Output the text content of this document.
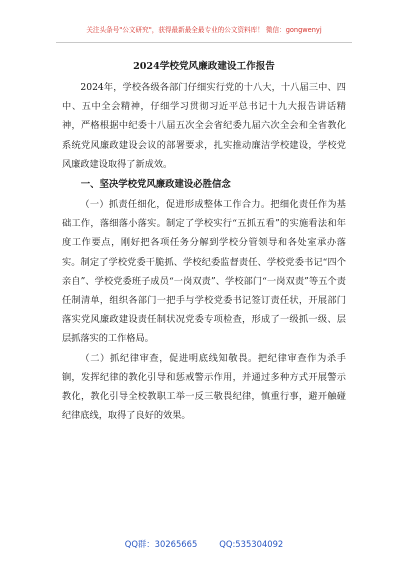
关注头条号"公文研究"，获得最新最全最专业的公文资料库！ 微信：gongwenyj
2024学校党风廉政建设工作报告

2024年，学校各级各部门仔细实行党的十八大，十八届三中、四中、五中全会精神，仔细学习贯彻习近平总书记十九大报告讲话精神，严格根据中纪委十八届五次全会省纪委九届六次全会和全省教化系统党风廉政建设会议的部署要求，扎实推动廉洁学校建设，学校党风廉政建设取得了新成效。

一、坚决学校党风廉政建设必胜信念

（一）抓责任细化，促进形成整体工作合力。把细化责任作为基础工作，落细落小落实。制定了学校实行“五抓五看”的实施看法和年度工作要点，刚好把各项任务分解到学校分管领导和各处室承办落实。制定了学校党委干脆抓、学校纪委监督责任、学校党委书记“四个亲自”、学校党委班子成员“一岗双责”、学校部门“一岗双责”等五个责任制清单，组织各部门一把手与学校党委书记签订责任状，开展部门落实党风廉政建设责任制状况党委专项检查，形成了一级抓一级、层层抓落实的工作格局。

（二）抓纪律审查，促进明底线知敬畏。把纪律审查作为杀手锏，发挥纪律的教化引导和惩戒警示作用，并通过多种方式开展警示教化，教化引导全校教职工举一反三敬畏纪律，慎重行事，避开触碰纪律底线，取得了良好的效果。

QQ群：30265665	QQ:535304092
